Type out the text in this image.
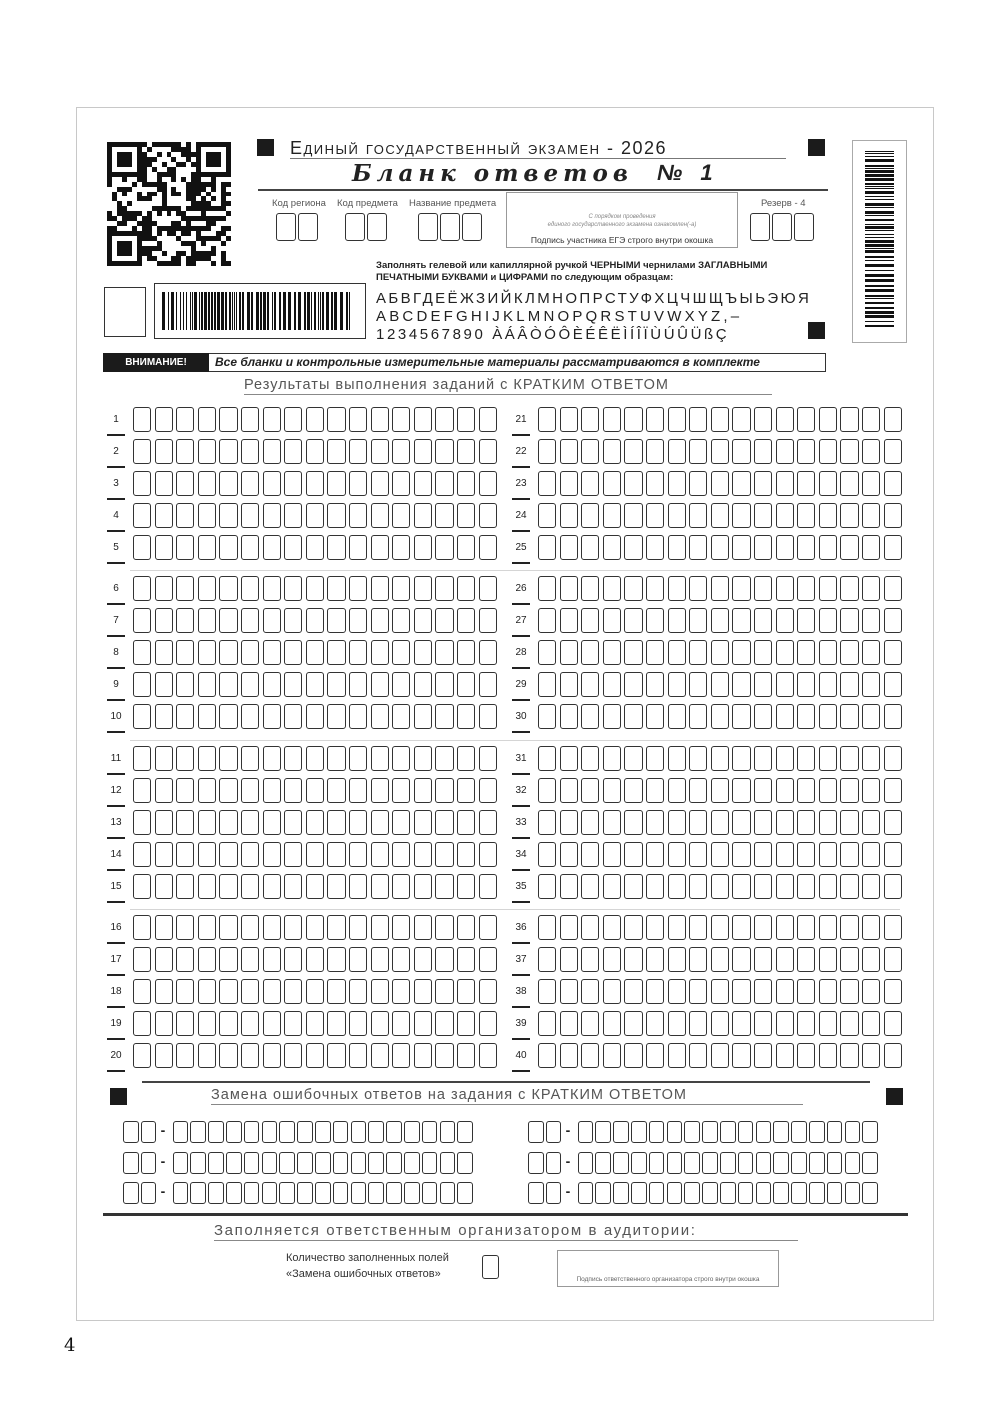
Единый государственный экзамен - 2026
Бланк ответов № 1
Код региона Код предмета Название предмета	Резерв - 4
С порядком проведения
единого государственного экзамена ознакомлен(-а)
Подпись участника ЕГЭ строго внутри окошка
Заполнять гелевой или капиллярной ручкой ЧЕРНЫМИ чернилами ЗАГЛАВНЫМИ
ПЕЧАТНЫМИ БУКВАМИ и ЦИФРАМИ по следующим образцам:
АБВГДЕЁЖЗИЙКЛМНОПРСТУФХЦЧШЩЪЫЬЭЮЯ
ABCDEFGHIJKLMNOPQRSTUVWXYZ,–
1234567890 ÀÁÂÒÓÔÈÉÊËÌÍÎÏÙÚÛÜßÇ
ВНИМАНИЕ!	Все бланки и контрольные измерительные материалы рассматриваются в комплекте
Результаты выполнения заданий с КРАТКИМ ОТВЕТОМ
1	21
2	22
3	23
4	24
5	25
6	26
7	27
8	28
9	29
10	30
11	31
12	32
13	33
14	34
15	35
16	36
17	37
18	38
19	39
20	40
Замена ошибочных ответов на задания с КРАТКИМ ОТВЕТОМ
-	-
-	-
-	-
Заполняется ответственным организатором в аудитории:
Количество заполненных полей
«Замена ошибочных ответов»	Подпись ответственного организатора строго внутри окошка
4
